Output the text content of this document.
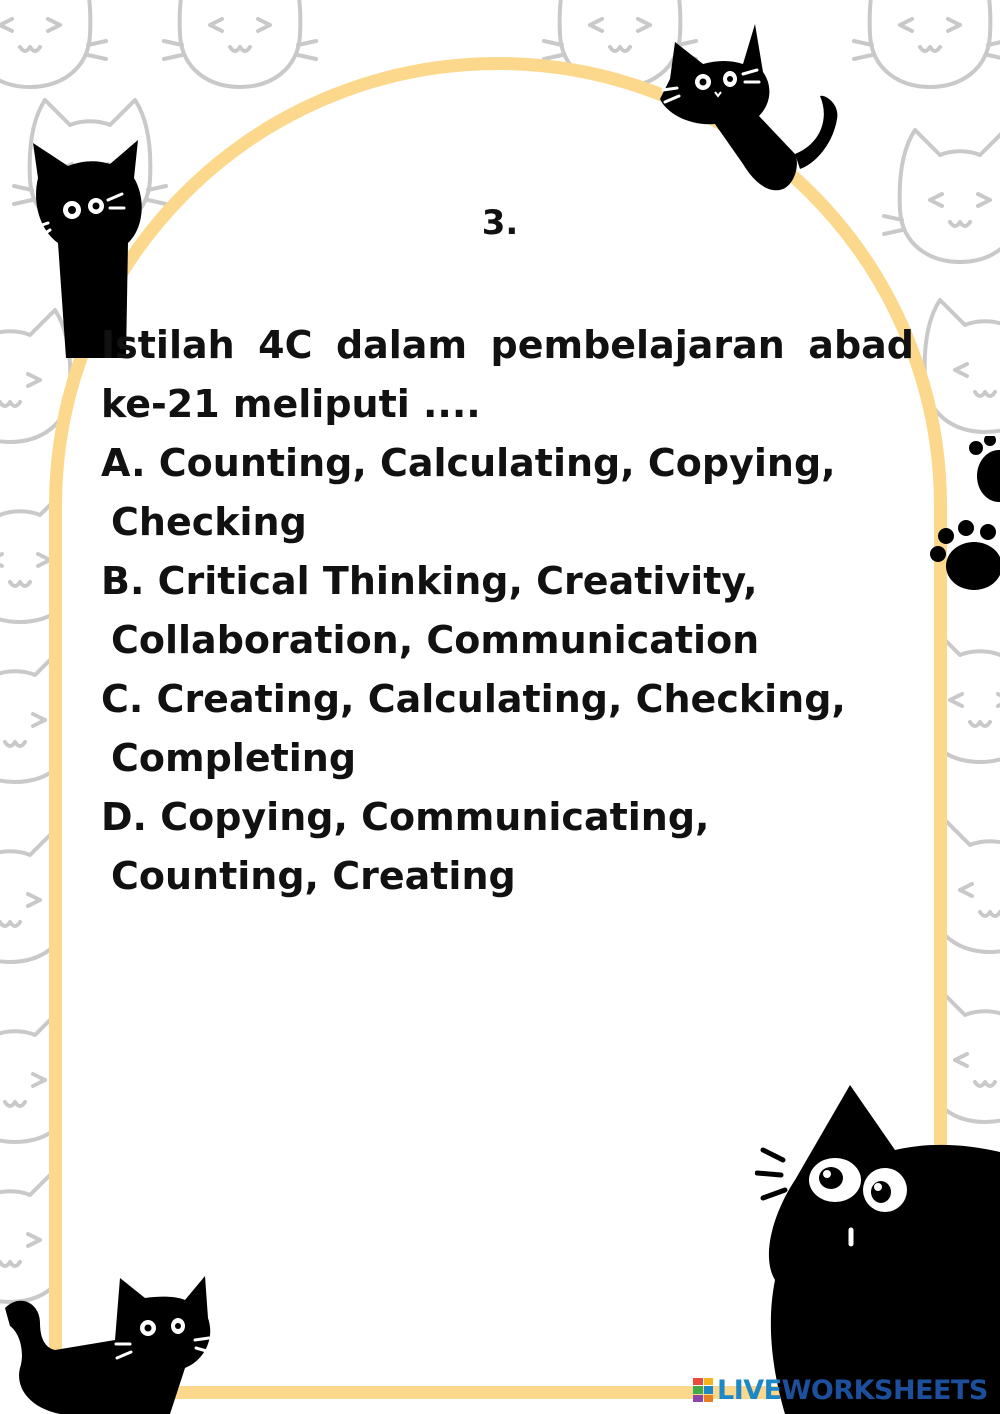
3.
Istilah 4C dalam pembelajaran abad ke-21 meliputi ....
A. Counting, Calculating, Copying, Checking
B. Critical Thinking, Creativity, Collaboration, Communication
C. Creating, Calculating, Checking, Completing
D. Copying, Communicating, Counting, Creating
LIVEWORKSHEETS
